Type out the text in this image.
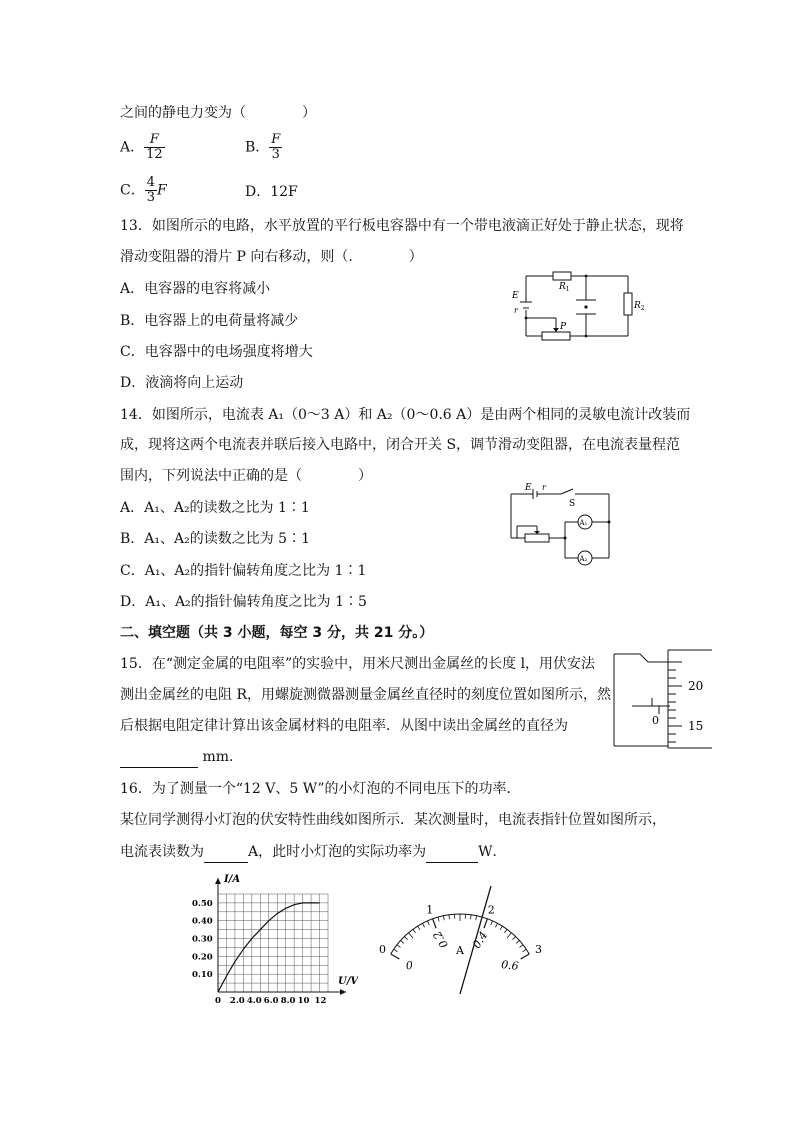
之间的静电力变为（　　　　）
A． $\frac{F}{12}$	B． $\frac{F}{3}$
C． $\frac{4}{3}$ F	D．12F
13．如图所示的电路，水平放置的平行板电容器中有一个带电液滴正好处于静止状态，现将
滑动变阻器的滑片 P 向右移动，则（.　　　　）
A．电容器的电容将减小
B．电容器上的电荷量将减少
C．电容器中的电场强度将增大
D．液滴将向上运动
$R_1$
$R_2$
E
r
P
14．如图所示，电流表 A₁（0～3 A）和 A₂（0～0.6 A）是由两个相同的灵敏电流计改装而
成，现将这两个电流表并联后接入电路中，闭合开关 S，调节滑动变阻器，在电流表量程范
围内，下列说法中正确的是（　　　　）
A．A₁、A₂的读数之比为 1∶1
B．A₁、A₂的读数之比为 5∶1
C．A₁、A₂的指针偏转角度之比为 1∶1
D．A₁、A₂的指针偏转角度之比为 1∶5
E r
S
A₁
A₂
二、填空题（共 3 小题，每空 3 分，共 21 分。）
15．在“测定金属的电阻率”的实验中，用米尺测出金属丝的长度 l，用伏安法
测出金属丝的电阻 R，用螺旋测微器测量金属丝直径时的刻度位置如图所示，然
后根据电阻定律计算出该金属材料的电阻率．从图中读出金属丝的直径为
mm．
20
15
0
16．为了测量一个“12 V、5 W”的小灯泡的不同电压下的功率．
某位同学测得小灯泡的伏安特性曲线如图所示．某次测量时，电流表指针位置如图所示，
电流表读数为	A，此时小灯泡的实际功率为	W．
0 2.0 4.0 6.0 8.0 10 12
0.10
0.20
0.30
0.40
0.50
I/A
U/V
0
1	2
3
0
0.2 0.4
0.6
A
